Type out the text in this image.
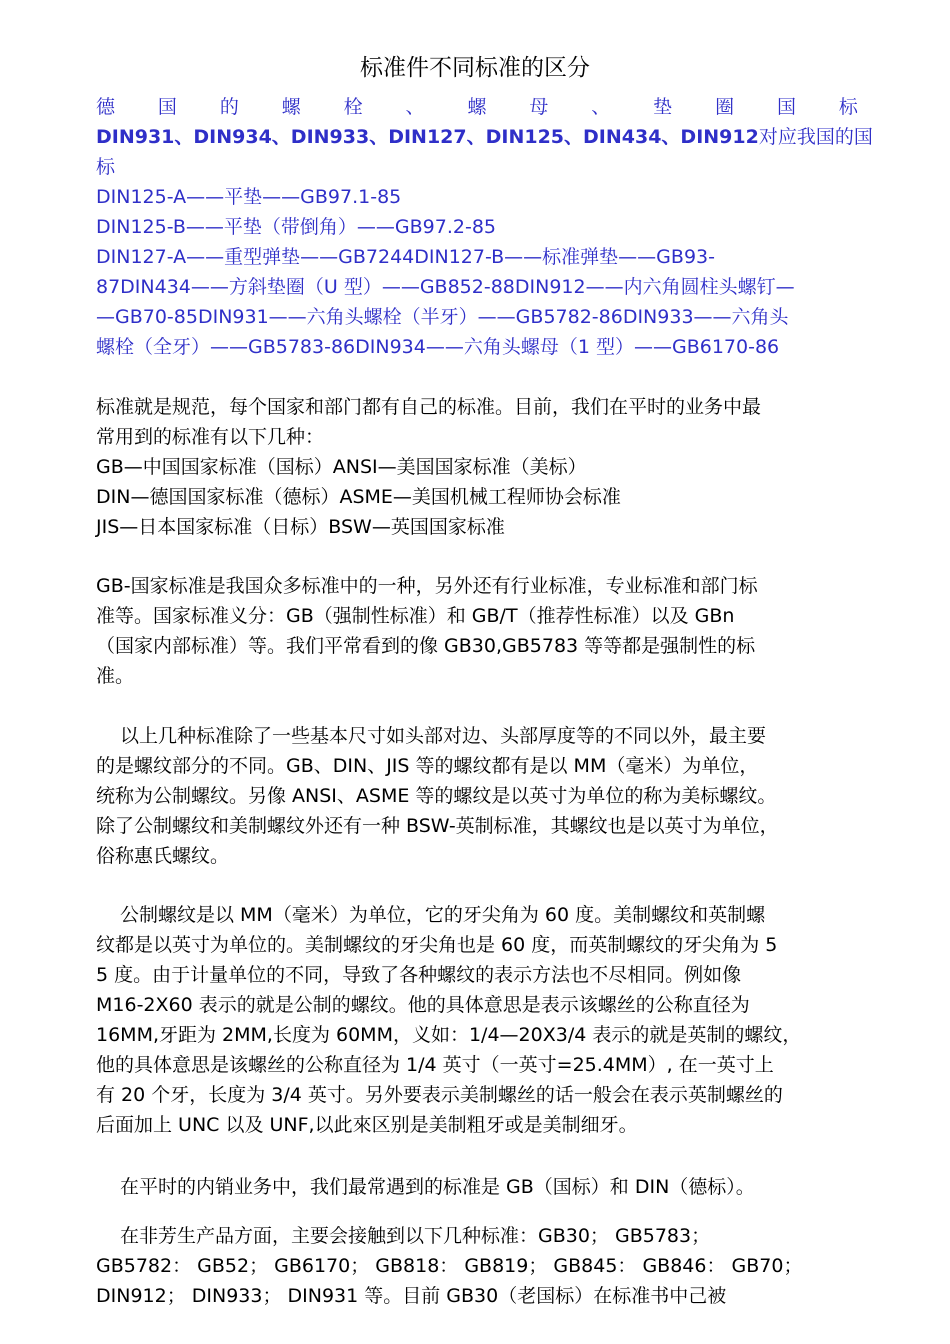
标准件不同标准的区分
德 国 的 螺 栓 、 螺 母 、 垫 圈 国 标
DIN931、DIN934、DIN933、DIN127、DIN125、DIN434、DIN912对应我国的国
标
DIN125-A——平垫——GB97.1-85
DIN125-B——平垫（带倒角）——GB97.2-85
DIN127-A——重型弹垫——GB7244DIN127-B——标准弹垫——GB93-
87DIN434——方斜垫圈（U 型）——GB852-88DIN912——内六角圆柱头螺钉—
—GB70-85DIN931——六角头螺栓（半牙）——GB5782-86DIN933——六角头
螺栓（全牙）——GB5783-86DIN934——六角头螺母（1 型）——GB6170-86
标准就是规范，每个国家和部门都有自己的标准。目前，我们在平时的业务中最
常用到的标准有以下几种：
GB—中国国家标准（国标）ANSI—美国国家标准（美标）
DIN—德国国家标准（德标）ASME—美国机械工程师协会标准
JIS—日本国家标准（日标）BSW—英国国家标准
GB-国家标准是我国众多标准中的一种，另外还有行业标准，专业标准和部门标
准等。国家标准义分：GB（强制性标准）和 GB/T（推荐性标准）以及 GBn
（国家内部标准）等。我们平常看到的像 GB30,GB5783 等等都是强制性的标
准。
以上几种标准除了一些基本尺寸如头部对边、头部厚度等的不同以外，最主要
的是螺纹部分的不同。GB、DIN、JIS 等的螺纹都有是以 MM（毫米）为单位，
统称为公制螺纹。另像 ANSI、ASME 等的螺纹是以英寸为单位的称为美标螺纹。
除了公制螺纹和美制螺纹外还有一种 BSW-英制标准，其螺纹也是以英寸为单位，
俗称惠氏螺纹。
公制螺纹是以 MM（毫米）为单位，它的牙尖角为 60 度。美制螺纹和英制螺
纹都是以英寸为单位的。美制螺纹的牙尖角也是 60 度，而英制螺纹的牙尖角为 5
5 度。由于计量单位的不同，导致了各种螺纹的表示方法也不尽相同。例如像
M16-2X60 表示的就是公制的螺纹。他的具体意思是表示该螺丝的公称直径为
16MM,牙距为 2MM,长度为 60MM，义如：1/4—20X3/4 表示的就是英制的螺纹，
他的具体意思是该螺丝的公称直径为 1/4 英寸（一英寸=25.4MM）, 在一英寸上
有 20 个牙，长度为 3/4 英寸。另外要表示美制螺丝的话一般会在表示英制螺丝的
后面加上 UNC 以及 UNF,以此來区别是美制粗牙或是美制细牙。
在平时的内销业务中，我们最常遇到的标准是 GB（国标）和 DIN（德标）。
在非芳生产品方面，主要会接触到以下几种标准：GB30； GB5783；
GB5782： GB52； GB6170； GB818： GB819； GB845： GB846： GB70；
DIN912； DIN933； DIN931 等。目前 GB30（老国标）在标准书中己被
